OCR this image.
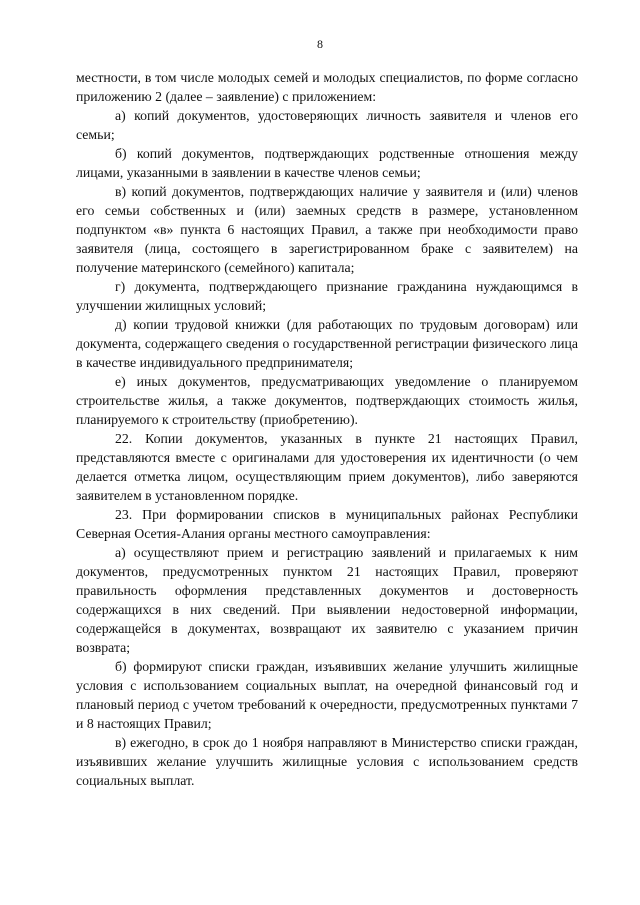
8

местности, в том числе молодых семей и молодых специалистов, по форме согласно приложению 2 (далее – заявление) с приложением:

а) копий документов, удостоверяющих личность заявителя и членов его семьи;

б) копий документов, подтверждающих родственные отношения между лицами, указанными в заявлении в качестве членов семьи;

в) копий документов, подтверждающих наличие у заявителя и (или) членов его семьи собственных и (или) заемных средств в размере, установленном подпунктом «в» пункта 6 настоящих Правил, а также при необходимости право заявителя (лица, состоящего в зарегистрированном браке с заявителем) на получение материнского (семейного) капитала;

г) документа, подтверждающего признание гражданина нуждающимся в улучшении жилищных условий;

д) копии трудовой книжки (для работающих по трудовым договорам) или документа, содержащего сведения о государственной регистрации физического лица в качестве индивидуального предпринимателя;

е) иных документов, предусматривающих уведомление о планируемом строительстве жилья, а также документов, подтверждающих стоимость жилья, планируемого к строительству (приобретению).

22. Копии документов, указанных в пункте 21 настоящих Правил, представляются вместе с оригиналами для удостоверения их идентичности (о чем делается отметка лицом, осуществляющим прием документов), либо заверяются заявителем в установленном порядке.

23. При формировании списков в муниципальных районах Республики Северная Осетия-Алания органы местного самоуправления:

а) осуществляют прием и регистрацию заявлений и прилагаемых к ним документов, предусмотренных пунктом 21 настоящих Правил, проверяют правильность оформления представленных документов и достоверность содержащихся в них сведений. При выявлении недостоверной информации, содержащейся в документах, возвращают их заявителю с указанием причин возврата;

б) формируют списки граждан, изъявивших желание улучшить жилищные условия с использованием социальных выплат, на очередной финансовый год и плановый период с учетом требований к очередности, предусмотренных пунктами 7 и 8 настоящих Правил;

в) ежегодно, в срок до 1 ноября направляют в Министерство списки граждан, изъявивших желание улучшить жилищные условия с использованием средств социальных выплат.
